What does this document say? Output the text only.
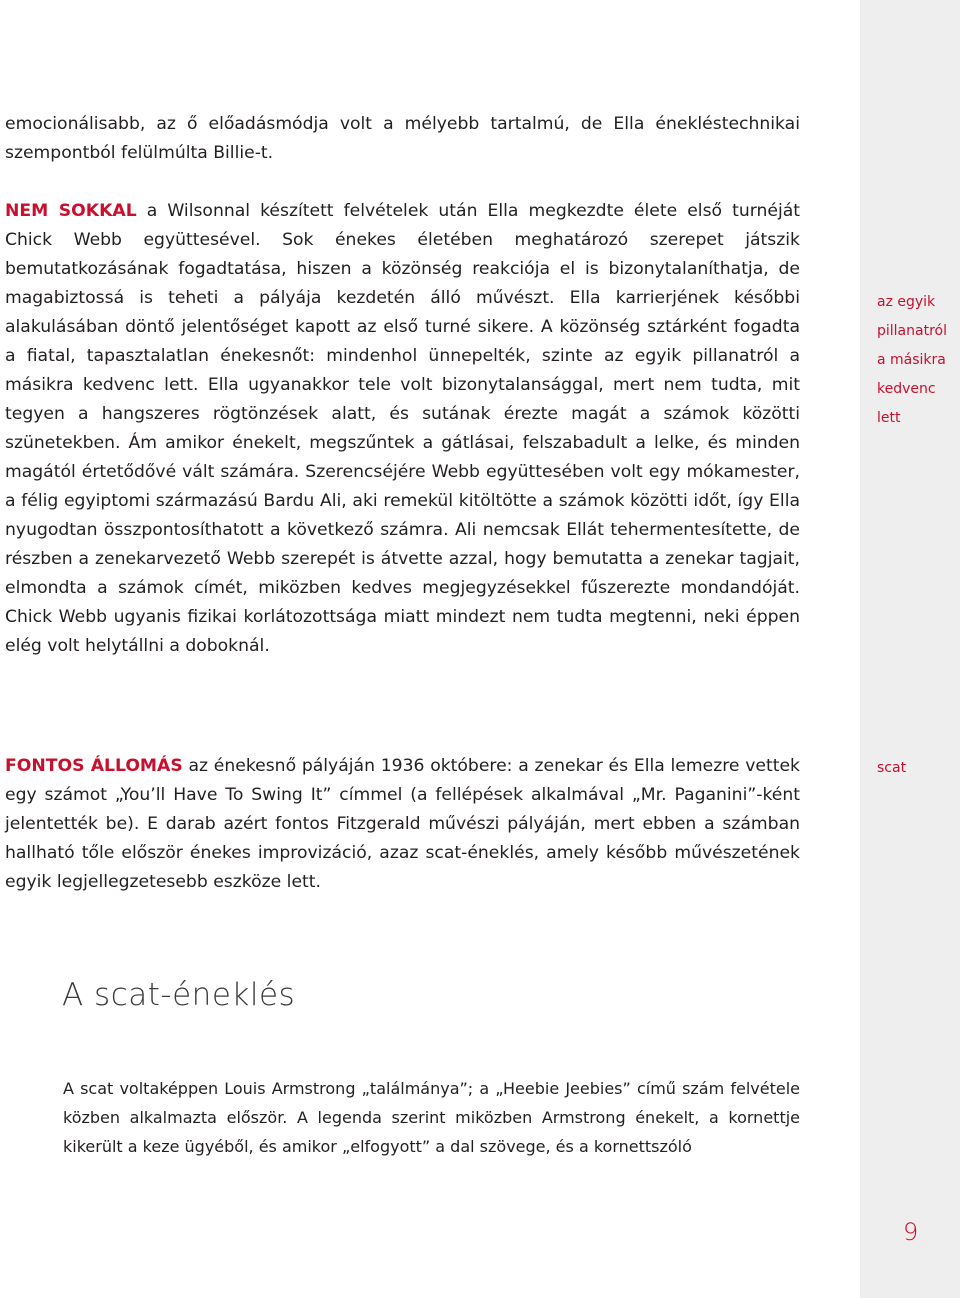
emocionálisabb, az ő előadásmódja volt a mélyebb tartalmú, de Ella énekléstechnikai szempontból felülmúlta Billie-t.

NEM SOKKAL a Wilsonnal készített felvételek után Ella megkezdte élete első turnéját Chick Webb együttesével. Sok énekes életében meghatározó szerepet játszik bemutatkozásának fogadtatása, hiszen a közönség reakciója el is bizonytalaníthatja, de magabiztossá is teheti a pályája kezdetén álló művészt. Ella karrierjének későbbi alakulásában döntő jelentőséget kapott az első turné sikere. A közönség sztárként fogadta a fiatal, tapasztalatlan énekesnőt: mindenhol ünnepelték, szinte az egyik pillanatról a másikra kedvenc lett. Ella ugyanakkor tele volt bizonytalansággal, mert nem tudta, mit tegyen a hangszeres rögtönzések alatt, és sutának érezte magát a számok közötti szünetekben. Ám amikor énekelt, megszűntek a gátlásai, felszabadult a lelke, és minden magától értetődővé vált számára. Szerencséjére Webb együttesében volt egy mókamester, a félig egyiptomi származású Bardu Ali, aki remekül kitöltötte a számok közötti időt, így Ella nyugodtan összpontosíthatott a következő számra. Ali nemcsak Ellát tehermentesítette, de részben a zenekarvezető Webb szerepét is átvette azzal, hogy bemutatta a zenekar tagjait, elmondta a számok címét, miközben kedves megjegyzésekkel fűszerezte mondandóját. Chick Webb ugyanis fizikai korlátozottsága miatt mindezt nem tudta megtenni, neki éppen elég volt helytállni a doboknál.

az egyik pillanatról a másikra kedvenc lett

FONTOS ÁLLOMÁS az énekesnő pályáján 1936 októbere: a zenekar és Ella lemezre vettek egy számot „You’ll Have To Swing It” címmel (a fellépések alkalmával „Mr. Paganini”-ként jelentették be). E darab azért fontos Fitzgerald művészi pályáján, mert ebben a számban hallható tőle először énekes improvizáció, azaz scat-éneklés, amely később művészetének egyik legjellegzetesebb eszköze lett.

scat

A scat-éneklés

A scat voltaképpen Louis Armstrong „találmánya”; a „Heebie Jeebies” című szám felvétele közben alkalmazta először. A legenda szerint miközben Armstrong énekelt, a kornettje kikerült a keze ügyéből, és amikor „elfogyott” a dal szövege, és a kornettszóló

9
